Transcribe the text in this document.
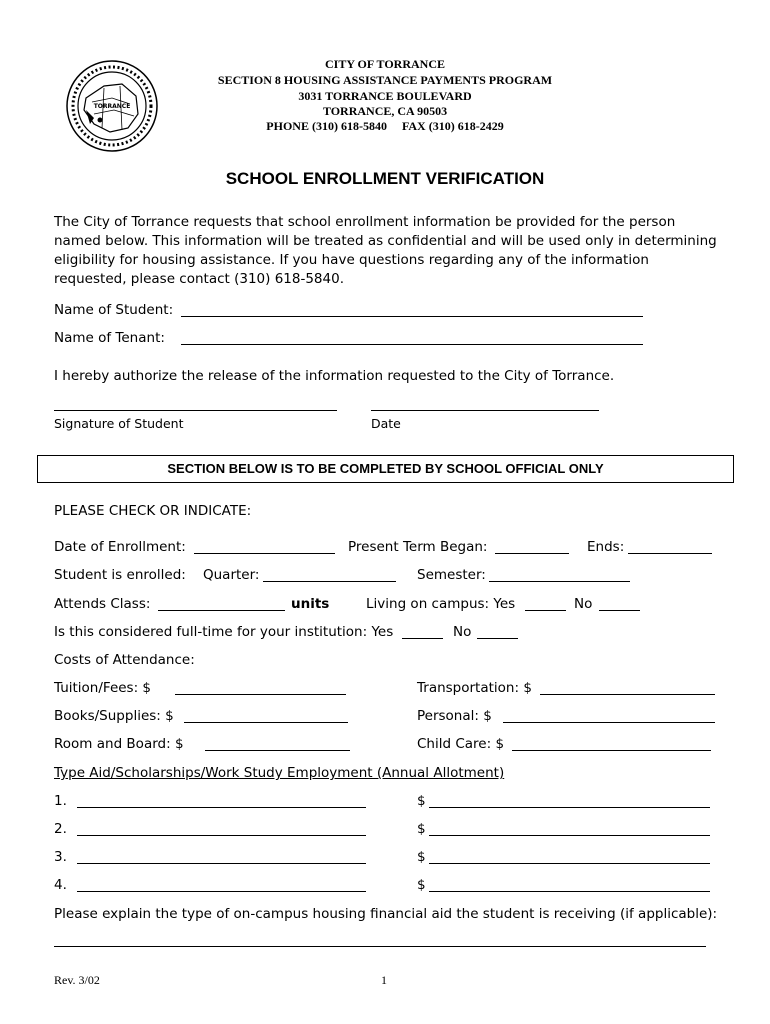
TORRANCE
CITY OF TORRANCE
SECTION 8 HOUSING ASSISTANCE PAYMENTS PROGRAM
3031 TORRANCE BOULEVARD
TORRANCE, CA 90503
PHONE (310) 618-5840     FAX (310) 618-2429
SCHOOL ENROLLMENT VERIFICATION
The City of Torrance requests that school enrollment information be provided for the person named below. This information will be treated as confidential and will be used only in determining eligibility for housing assistance. If you have questions regarding any of the information requested, please contact (310) 618-5840.
Name of Student:
Name of Tenant:
I hereby authorize the release of the information requested to the City of Torrance.
Signature of Student	Date
SECTION BELOW IS TO BE COMPLETED BY SCHOOL OFFICIAL ONLY
PLEASE CHECK OR INDICATE:
Date of Enrollment:	Present Term Began:	Ends:
Student is enrolled: Quarter:	Semester:
Attends Class:	units	Living on campus: Yes	No
Is this considered full-time for your institution: Yes	No
Costs of Attendance:
Tuition/Fees: $	Transportation: $
Books/Supplies: $	Personal: $
Room and Board: $	Child Care: $
Type Aid/Scholarships/Work Study Employment (Annual Allotment)
1.	$
2.	$
3.	$
4.	$
Please explain the type of on-campus housing financial aid the student is receiving (if applicable):
Rev. 3/02	1
